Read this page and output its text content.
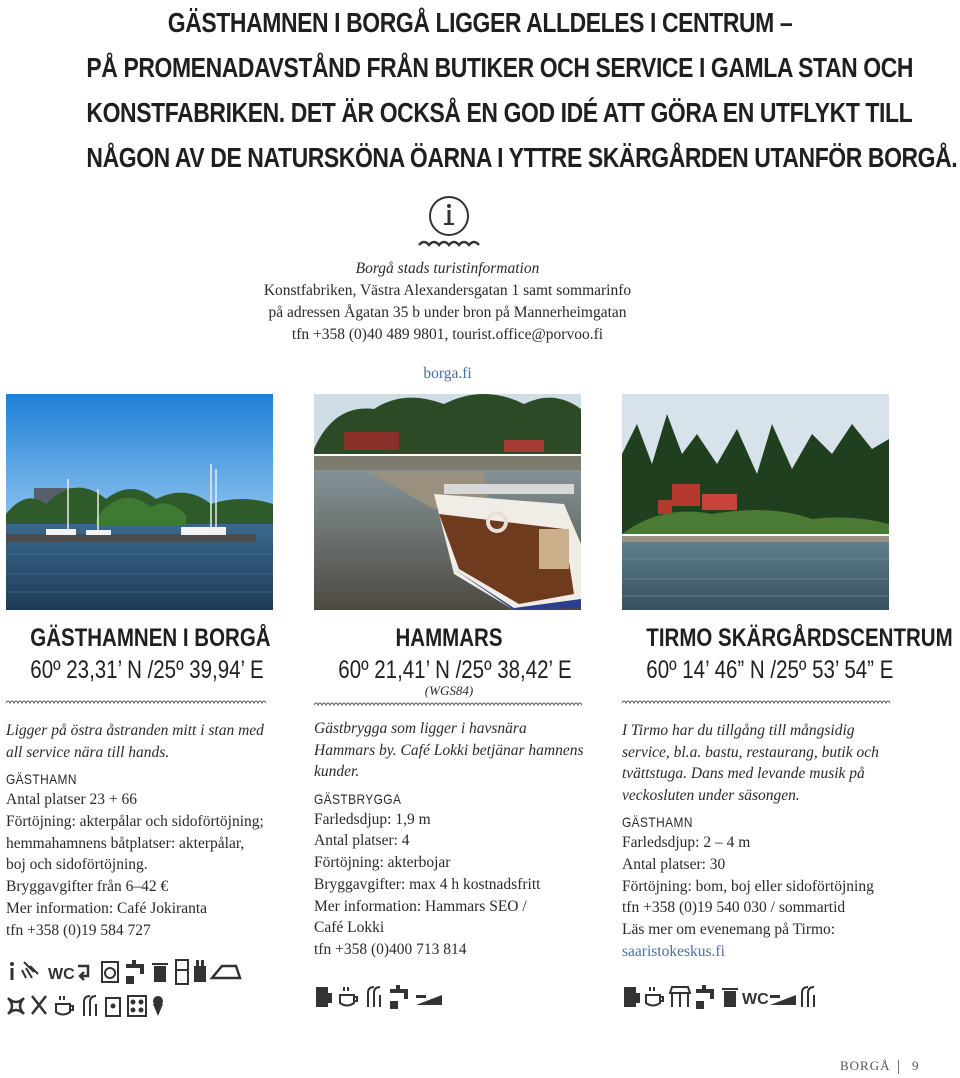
GÄSTHAMNEN I BORGÅ LIGGER ALLDELES I CENTRUM –
PÅ PROMENADAVSTÅND FRÅN BUTIKER OCH SERVICE I GAMLA STAN OCH
KONSTFABRIKEN. DET ÄR OCKSÅ EN GOD IDÉ ATT GÖRA EN UTFLYKT TILL
NÅGON AV DE NATURSKÖNA ÖARNA I YTTRE SKÄRGÅRDEN UTANFÖR BORGÅ.
Borgå stads turistinformation
Konstfabriken, Västra Alexandersgatan 1 samt sommarinfo
på adressen Ågatan 35 b under bron på Mannerheimgatan
tfn +358 (0)40 489 9801, tourist.office@porvoo.fi
borga.fi
GÄSTHAMNEN I BORGÅ
60º 23,31’ N /25º 39,94’ E

Ligger på östra åstranden mitt i stan med all service nära till hands.

GÄSTHAMN

Antal platser 23 + 66

Förtöjning: akterpålar och sidoförtöjning;

hemmahamnens båtplatser: akterpålar,

boj och sidoförtöjning.

Bryggavgifter från 6–42 €

Mer information: Café Jokiranta

tfn +358 (0)19 584 727

WC
HAMMARS
60º 21,41’ N /25º 38,42’ E
(WGS84)

Gästbrygga som ligger i havsnära Hammars by. Café Lokki betjänar hamnens kunder.

GÄSTBRYGGA

Farledsdjup: 1,9 m

Antal platser: 4

Förtöjning: akterbojar

Bryggavgifter: max 4 h kostnadsfritt

Mer information: Hammars SEO /

Café Lokki

tfn +358 (0)400 713 814

TIRMO SKÄRGÅRDSCENTRUM
60º 14’ 46” N /25º 53’ 54” E

I Tirmo har du tillgång till mångsidig service, bl.a. bastu, restaurang, butik och tvättstuga. Dans med levande musik på veckosluten under säsongen.

GÄSTHAMN

Farledsdjup: 2 – 4 m

Antal platser: 30

Förtöjning: bom, boj eller sidoförtöjning

tfn +358 (0)19 540 030 / sommartid

Läs mer om evenemang på Tirmo:

saaristokeskus.fi

WC
BORGÅ 9
